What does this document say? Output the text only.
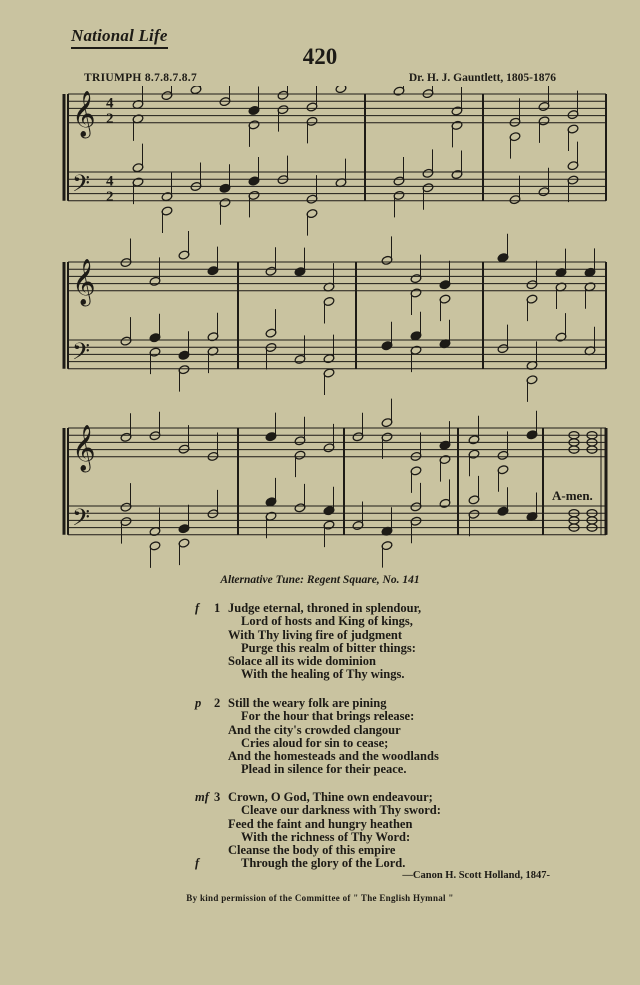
National Life
420
TRIUMPH 8.7.8.7.8.7	Dr. H. J. Gauntlett, 1805-1876
𝄞 4
2
𝄢 4
2
𝄞
𝄢
𝄞
𝄢
A-men.
Alternative Tune: Regent Square, No. 141
f 1 Judge eternal, throned in splendour,
Lord of hosts and King of kings,
With Thy living fire of judgment
Purge this realm of bitter things:
Solace all its wide dominion
With the healing of Thy wings.
p 2 Still the weary folk are pining
For the hour that brings release:
And the city's crowded clangour
Cries aloud for sin to cease;
And the homesteads and the woodlands
Plead in silence for their peace.
mf 3 Crown, O God, Thine own endeavour;
Cleave our darkness with Thy sword:
Feed the faint and hungry heathen
With the richness of Thy Word:
Cleanse the body of this empire
f	Through the glory of the Lord.
—Canon H. Scott Holland, 1847-
By kind permission of the Committee of " The English Hymnal "
